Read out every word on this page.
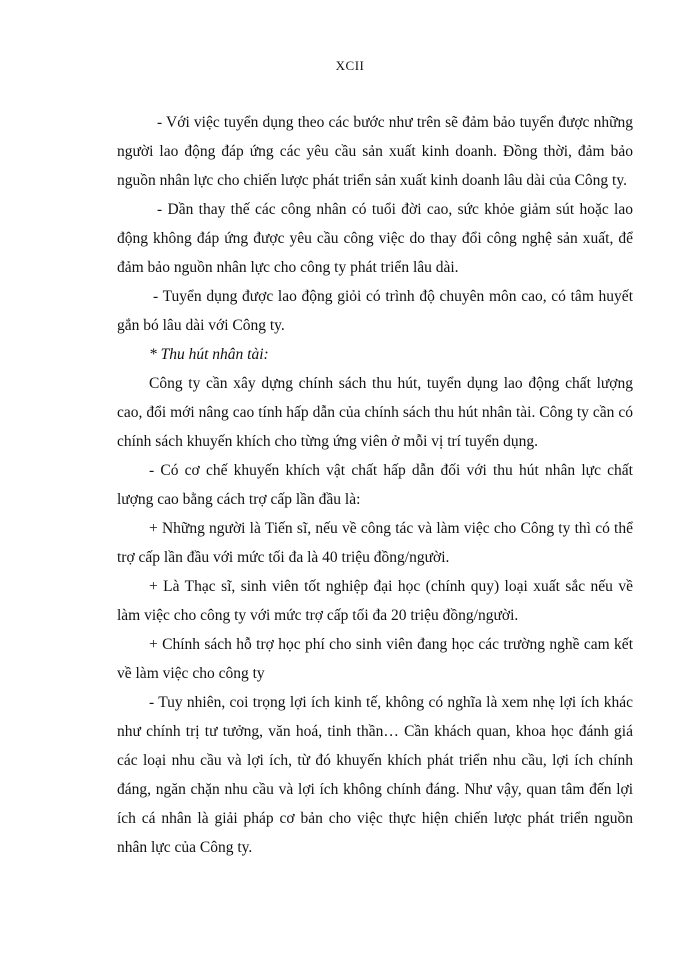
XCII

- Với việc tuyển dụng theo các bước như trên sẽ đảm bảo tuyển được những người lao động đáp ứng các yêu cầu sản xuất kinh doanh. Đồng thời, đảm bảo nguồn nhân lực cho chiến lược phát triển sản xuất kinh doanh lâu dài của Công ty.

- Dần thay thế các công nhân có tuổi đời cao, sức khỏe giảm sút hoặc lao động không đáp ứng được yêu cầu công việc do thay đổi công nghệ sản xuất, để đảm bảo nguồn nhân lực cho công ty phát triển lâu dài.

- Tuyển dụng được lao động giỏi có trình độ chuyên môn cao, có tâm huyết gắn bó lâu dài với Công ty.

* Thu hút nhân tài:

Công ty cần xây dựng chính sách thu hút, tuyển dụng lao động chất lượng cao, đổi mới nâng cao tính hấp dẫn của chính sách thu hút nhân tài. Công ty cần có chính sách khuyến khích cho từng ứng viên ở mỗi vị trí tuyển dụng.

- Có cơ chế khuyến khích vật chất hấp dẫn đối với thu hút nhân lực chất lượng cao bằng cách trợ cấp lần đầu là:

+ Những người là Tiến sĩ, nếu về công tác và làm việc cho Công ty thì có thể trợ cấp lần đầu với mức tối đa là 40 triệu đồng/người.

+ Là Thạc sĩ, sinh viên tốt nghiệp đại học (chính quy) loại xuất sắc nếu về làm việc cho công ty với mức trợ cấp tối đa 20 triệu đồng/người.

+ Chính sách hỗ trợ học phí cho sinh viên đang học các trường nghề cam kết về làm việc cho công ty

- Tuy nhiên, coi trọng lợi ích kinh tế, không có nghĩa là xem nhẹ lợi ích khác như chính trị tư tưởng, văn hoá, tinh thần… Cần khách quan, khoa học đánh giá các loại nhu cầu và lợi ích, từ đó khuyến khích phát triển nhu cầu, lợi ích chính đáng, ngăn chặn nhu cầu và lợi ích không chính đáng. Như vậy, quan tâm đến lợi ích cá nhân là giải pháp cơ bản cho việc thực hiện chiến lược phát triển nguồn nhân lực của Công ty.
